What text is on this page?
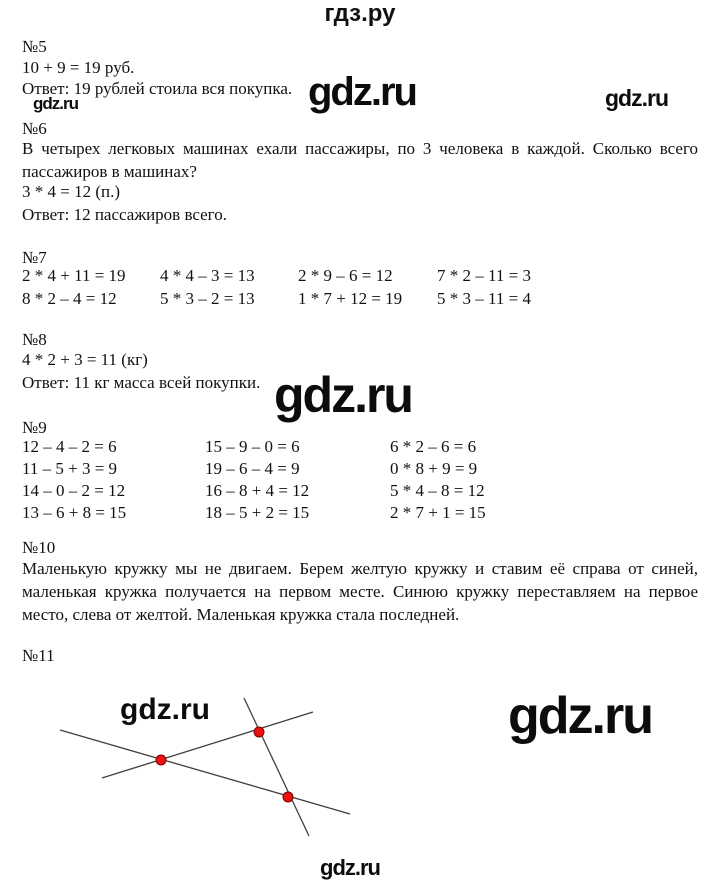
гдз.ру
№5
10 + 9 = 19 руб.
Ответ: 19 рублей стоила вся покупка.
gdz.ru	gdz.ru	gdz.ru
№6
В четырех легковых машинах ехали пассажиры, по 3 человека в каждой. Сколько всего пассажиров в машинах?
3 * 4 = 12 (п.)
Ответ: 12 пассажиров всего.
№7
2 * 4 + 11 = 19	4 * 4 – 3 = 13	2 * 9 – 6 = 12	7 * 2 – 11 = 3
8 * 2 – 4 = 12	5 * 3 – 2 = 13	1 * 7 + 12 = 19	5 * 3 – 11 = 4
№8
4 * 2 + 3 = 11 (кг)
Ответ: 11 кг масса всей покупки. gdz.ru
№9
12 – 4 – 2 = 6	15 – 9 – 0 = 6	6 * 2 – 6 = 6
11 – 5 + 3 = 9	19 – 6 – 4 = 9	0 * 8 + 9 = 9
14 – 0 – 2 = 12	16 – 8 + 4 = 12	5 * 4 – 8 = 12
13 – 6 + 8 = 15	18 – 5 + 2 = 15	2 * 7 + 1 = 15
№10
Маленькую кружку мы не двигаем. Берем желтую кружку и ставим её справа от синей, маленькая кружка получается на первом месте. Синюю кружку переставляем на первое место, слева от желтой. Маленькая кружка стала последней.
№11
gdz.ru	gdz.ru
gdz.ru
